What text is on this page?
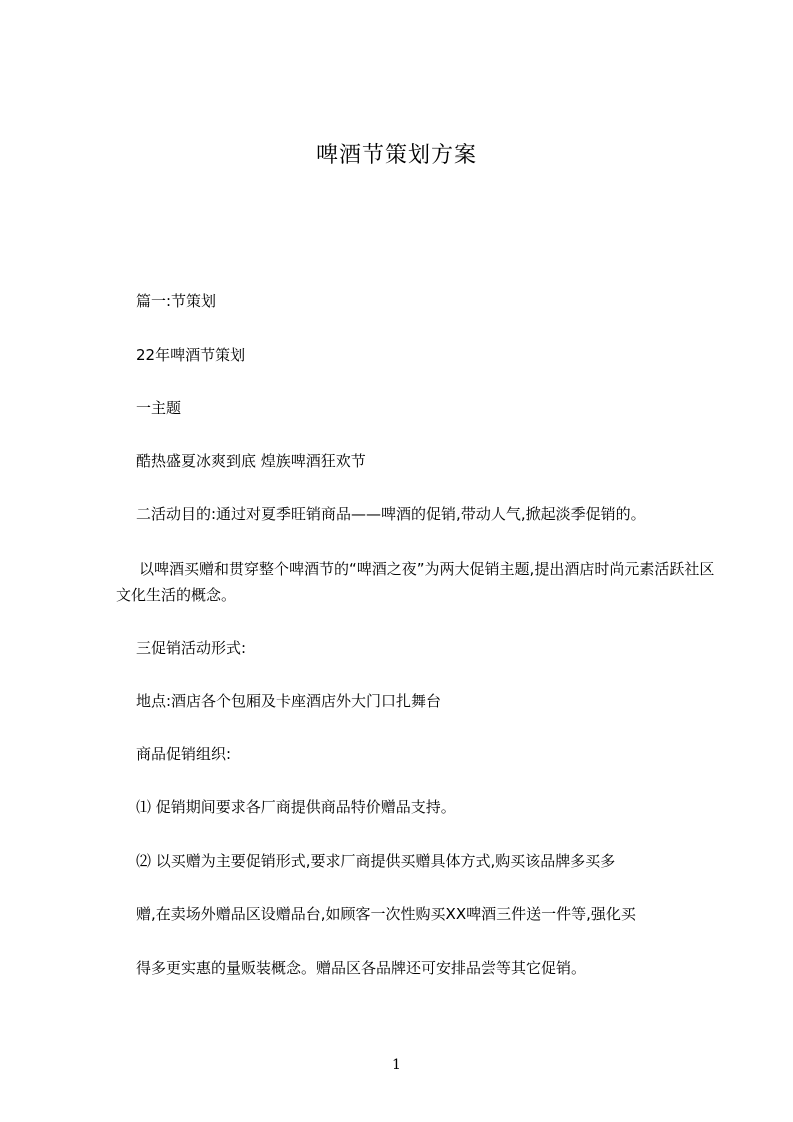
啤酒节策划方案
篇一:节策划
22年啤酒节策划
一主题
酷热盛夏冰爽到底 煌族啤酒狂欢节
二活动目的:通过对夏季旺销商品——啤酒的促销,带动人气,掀起淡季促销的。
以啤酒买赠和贯穿整个啤酒节的“啤酒之夜”为两大促销主题,提出酒店时尚元素活跃社区文化生活的概念。
三促销活动形式:
地点:酒店各个包厢及卡座酒店外大门口扎舞台
商品促销组织:
⑴ 促销期间要求各厂商提供商品特价赠品支持。
⑵ 以买赠为主要促销形式,要求厂商提供买赠具体方式,购买该品牌多买多
赠,在卖场外赠品区设赠品台,如顾客一次性购买XX啤酒三件送一件等,强化买
得多更实惠的量贩装概念。赠品区各品牌还可安排品尝等其它促销。
1
